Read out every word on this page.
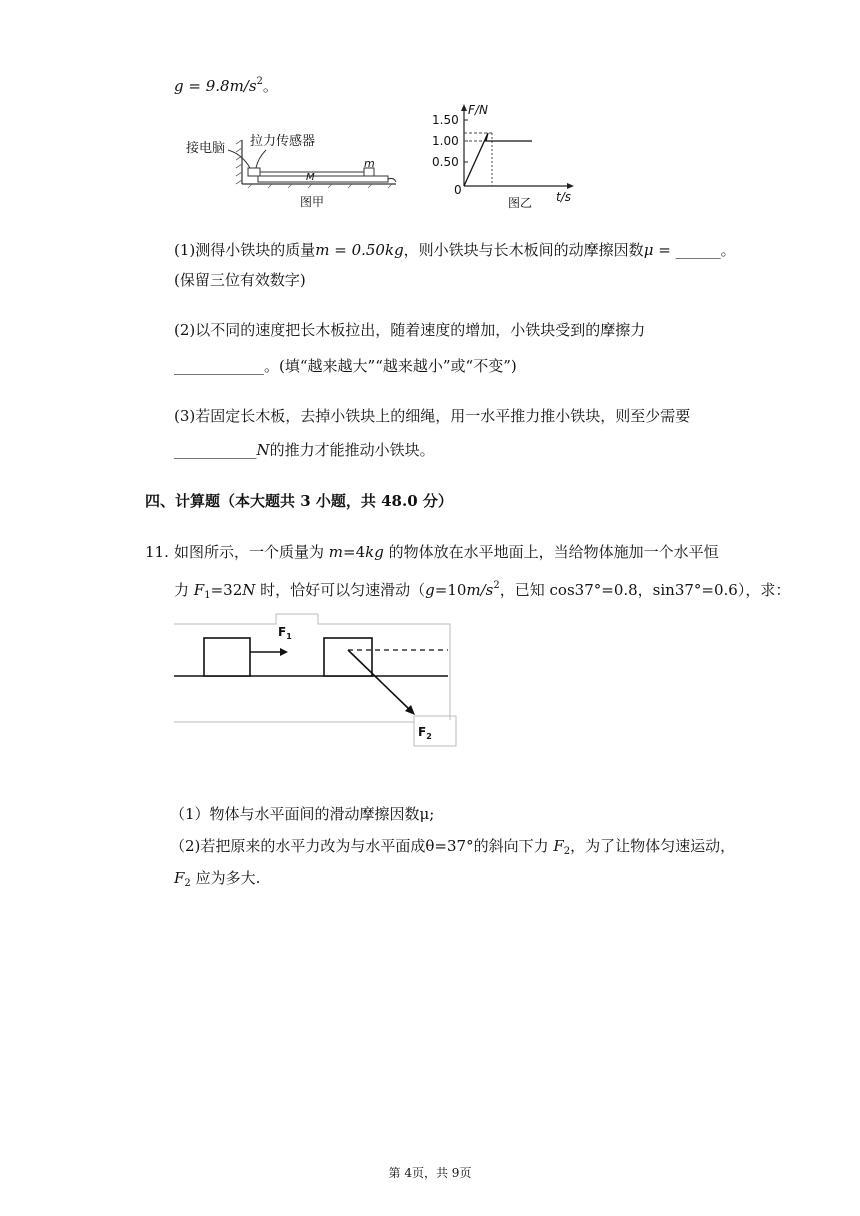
$g = 9.8m/s^2$。
接电脑 拉力传感器
m
M
图甲
F/N
t/s
0
1.50
1.00
0.50
图乙
(1)测得小铁块的质量m = 0.50kg，则小铁块与长木板间的动摩擦因数μ = ______。
(保留三位有效数字)
(2)以不同的速度把长木板拉出，随着速度的增加，小铁块受到的摩擦力
____________。(填“越来越大”“越来越小”或“不变”)
(3)若固定长木板，去掉小铁块上的细绳，用一水平推力推小铁块，则至少需要
___________N的推力才能推动小铁块。
四、计算题（本大题共 3 小题，共 48.0 分）
11. 如图所示，一个质量为 m=4kg 的物体放在水平地面上，当给物体施加一个水平恒
力 $F_1=32N$ 时，恰好可以匀速滑动（$g=10m/s^2$，已知 cos37°=0.8，sin37°=0.6），求：
$F_1$
$F_2$
（1）物体与水平面间的滑动摩擦因数μ;
（2)若把原来的水平力改为与水平面成θ=37°的斜向下力 $F_2$，为了让物体匀速运动，
$F_2$ 应为多大.
第 4页，共 9页
